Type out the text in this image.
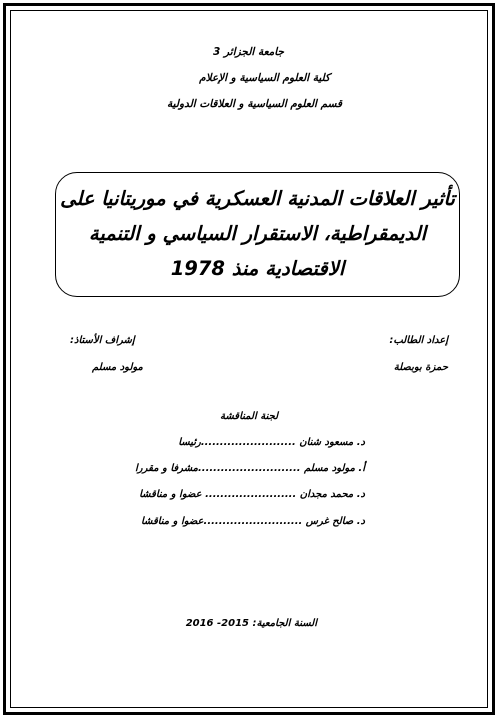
جامعة الجزائر 3
كلية العلوم السياسية و الإعلام
قسم العلوم السياسية و العلاقات الدولية
تأثير العلاقات المدنية العسكرية في موريتانيا على
الديمقراطية، الاستقرار السياسي و التنمية
الاقتصادية منذ 1978
إعداد الطالب:
حمزة بوبصلة
إشراف الأستاذ:
مولود مسلم
لجنة المناقشة
د. مسعود شنان .........................رئيسا
أ. مولود مسلم ...........................مشرفا و مقررا
د. محمد مجدان ........................ عضوا و مناقشا
د. صالح غرس ..........................عضوا و مناقشا
السنة الجامعية: 2015- 2016
